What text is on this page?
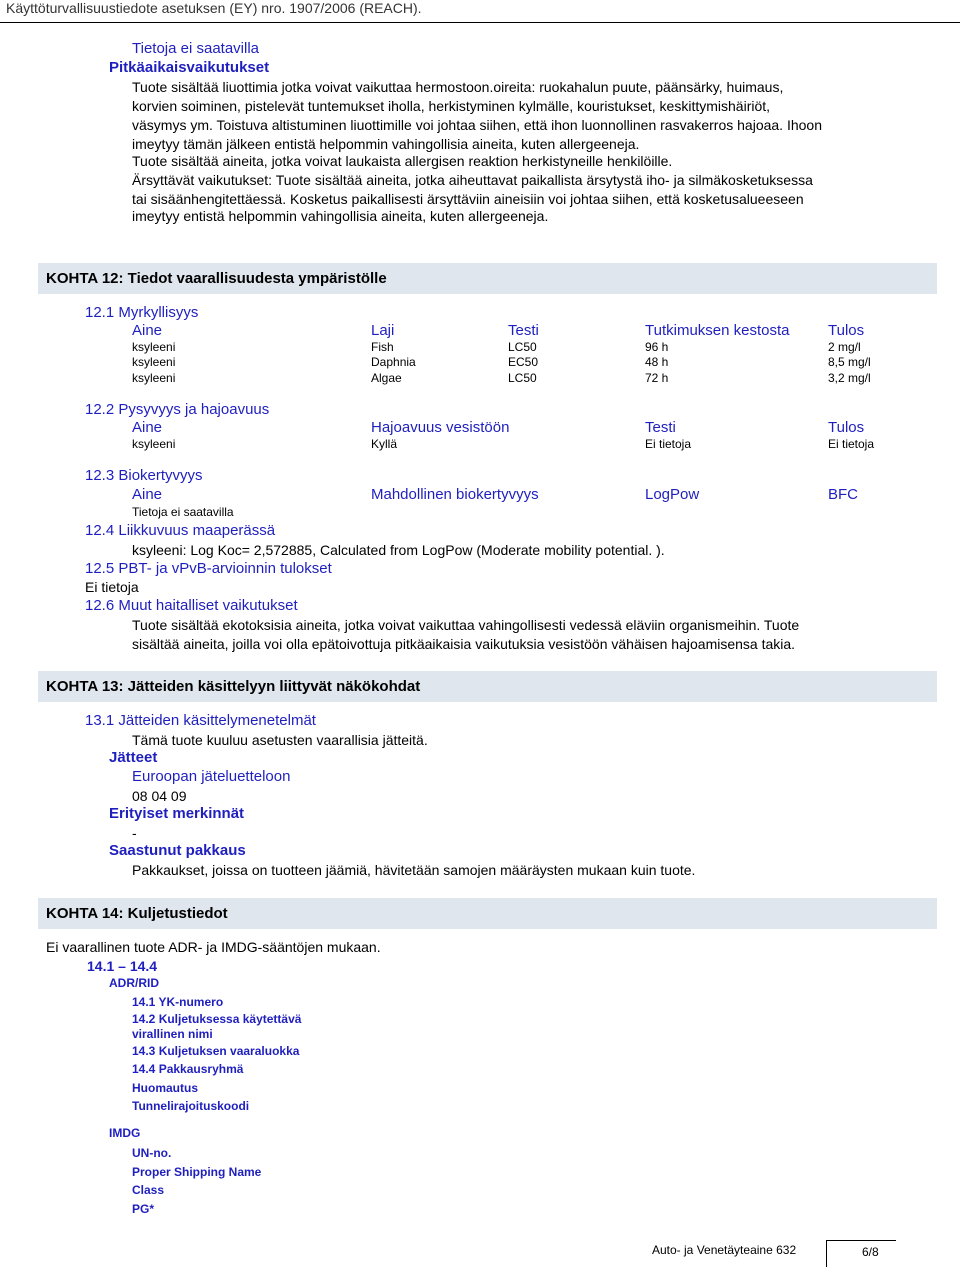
Käyttöturvallisuustiedote asetuksen (EY) nro. 1907/2006 (REACH).
Tietoja ei saatavilla
Pitkäaikaisvaikutukset
Tuote sisältää liuottimia jotka voivat vaikuttaa hermostoon.oireita: ruokahalun puute, päänsärky, huimaus,
korvien soiminen, pistelevät tuntemukset iholla, herkistyminen kylmälle, kouristukset, keskittymishäiriöt,
väsymys ym. Toistuva altistuminen liuottimille voi johtaa siihen, että ihon luonnollinen rasvakerros hajoaa. Ihoon
imeytyy tämän jälkeen entistä helpommin vahingollisia aineita, kuten allergeeneja.
Tuote sisältää aineita, jotka voivat laukaista allergisen reaktion herkistyneille henkilöille.
Ärsyttävät vaikutukset: Tuote sisältää aineita, jotka aiheuttavat paikallista ärsytystä iho- ja silmäkosketuksessa
tai sisäänhengitettäessä. Kosketus paikallisesti ärsyttäviin aineisiin voi johtaa siihen, että kosketusalueeseen
imeytyy entistä helpommin vahingollisia aineita, kuten allergeeneja.
KOHTA 12: Tiedot vaarallisuudesta ympäristölle
12.1 Myrkyllisyys
Aine	Laji	Testi	Tutkimuksen kestosta	Tulos
ksyleeni	Fish	LC50	96 h	2 mg/l
ksyleeni	Daphnia	EC50	48 h	8,5 mg/l
ksyleeni	Algae	LC50	72 h	3,2 mg/l
12.2 Pysyvyys ja hajoavuus
Aine	Hajoavuus vesistöön	Testi	Tulos
ksyleeni	Kyllä	Ei tietoja	Ei tietoja
12.3 Biokertyvyys
Aine	Mahdollinen biokertyvyys	LogPow	BFC
Tietoja ei saatavilla
12.4 Liikkuvuus maaperässä
ksyleeni: Log Koc= 2,572885, Calculated from LogPow (Moderate mobility potential. ).
12.5 PBT- ja vPvB-arvioinnin tulokset
Ei tietoja
12.6 Muut haitalliset vaikutukset
Tuote sisältää ekotoksisia aineita, jotka voivat vaikuttaa vahingollisesti vedessä eläviin organismeihin. Tuote
sisältää aineita, joilla voi olla epätoivottuja pitkäaikaisia vaikutuksia vesistöön vähäisen hajoamisensa takia.
KOHTA 13: Jätteiden käsittelyyn liittyvät näkökohdat
13.1 Jätteiden käsittelymenetelmät
Tämä tuote kuuluu asetusten vaarallisia jätteitä.
Jätteet
Euroopan jäteluetteloon
08 04 09
Erityiset merkinnät
-
Saastunut pakkaus
Pakkaukset, joissa on tuotteen jäämiä, hävitetään samojen määräysten mukaan kuin tuote.
KOHTA 14: Kuljetustiedot
Ei vaarallinen tuote ADR- ja IMDG-sääntöjen mukaan.
14.1 – 14.4
ADR/RID
14.1 YK-numero
14.2 Kuljetuksessa käytettävä
virallinen nimi
14.3 Kuljetuksen vaaraluokka
14.4 Pakkausryhmä
Huomautus
Tunnelirajoituskoodi
IMDG
UN-no.
Proper Shipping Name
Class
PG*
Auto- ja Venetäyteaine 632	6/8
